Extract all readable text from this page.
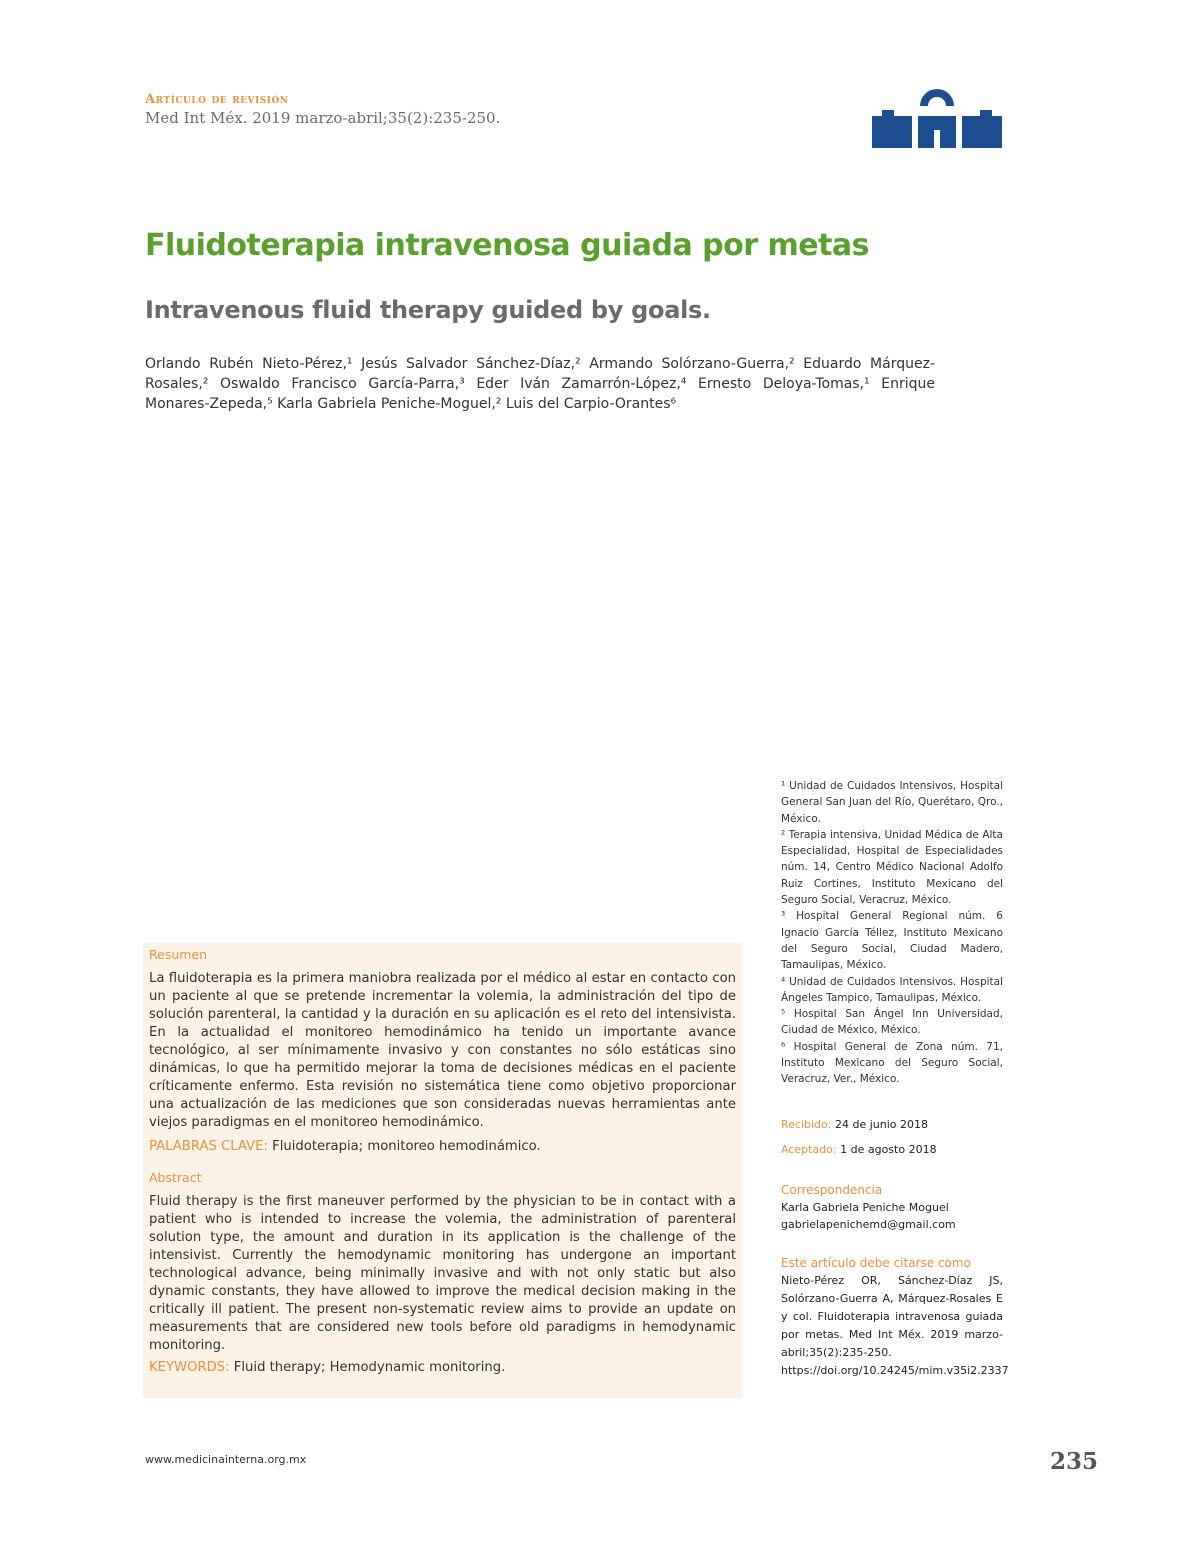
Artículo de revisión
Med Int Méx. 2019 marzo-abril;35(2):235-250.
Fluidoterapia intravenosa guiada por metas
Intravenous fluid therapy guided by goals.
Orlando Rubén Nieto-Pérez,¹ Jesús Salvador Sánchez-Díaz,² Armando Solórzano-Guerra,² Eduardo Márquez-Rosales,² Oswaldo Francisco García-Parra,³ Eder Iván Zamarrón-López,⁴ Ernesto Deloya-Tomas,¹ Enrique Monares-Zepeda,⁵ Karla Gabriela Peniche-Moguel,² Luis del Carpio-Orantes⁶
¹ Unidad de Cuidados Intensivos, Hospital General San Juan del Río, Querétaro, Qro., México.
² Terapia intensiva, Unidad Médica de Alta Especialidad, Hospital de Especialidades núm. 14, Centro Médico Nacional Adolfo Ruiz Cortines, Instituto Mexicano del Seguro Social, Veracruz, México.
³ Hospital General Regional núm. 6 Ignacio García Téllez, Instituto Mexicano del Seguro Social, Ciudad Madero, Tamaulipas, México.
⁴ Unidad de Cuidados Intensivos. Hospital Ángeles Tampico, Tamaulipas, México.
⁵ Hospital San Ángel Inn Universidad, Ciudad de México, México.
⁶ Hospital General de Zona núm. 71, Instituto Mexicano del Seguro Social, Veracruz, Ver., México.
Recibido: 24 de junio 2018
Aceptado: 1 de agosto 2018
Correspondencia
Karla Gabriela Peniche Moguel
gabrielapenichemd@gmail.com
Este artículo debe citarse como
Nieto-Pérez OR, Sánchez-Díaz JS, Solórzano-Guerra A, Márquez-Rosales E y col. Fluidoterapia intravenosa guiada por metas. Med Int Méx. 2019 marzo-abril;35(2):235-250.
https://doi.org/10.24245/mim.v35i2.2337
Resumen
La fluidoterapia es la primera maniobra realizada por el médico al estar en contacto con un paciente al que se pretende incrementar la volemia, la administración del tipo de solución parenteral, la cantidad y la duración en su aplicación es el reto del intensivista. En la actualidad el monitoreo hemodinámico ha tenido un importante avance tecnológico, al ser mínimamente invasivo y con constantes no sólo estáticas sino dinámicas, lo que ha permitido mejorar la toma de decisiones médicas en el paciente críticamente enfermo. Esta revisión no sistemática tiene como objetivo proporcionar una actualización de las mediciones que son consideradas nuevas herramientas ante viejos paradigmas en el monitoreo hemodinámico.
PALABRAS CLAVE: Fluidoterapia; monitoreo hemodinámico.
Abstract
Fluid therapy is the first maneuver performed by the physician to be in contact with a patient who is intended to increase the volemia, the administration of parenteral solution type, the amount and duration in its application is the challenge of the intensivist. Currently the hemodynamic monitoring has undergone an important technological advance, being minimally invasive and with not only static but also dynamic constants, they have allowed to improve the medical decision making in the critically ill patient. The present non-systematic review aims to provide an update on measurements that are considered new tools before old paradigms in hemodynamic monitoring.
KEYWORDS: Fluid therapy; Hemodynamic monitoring.
www.medicinainterna.org.mx	235
